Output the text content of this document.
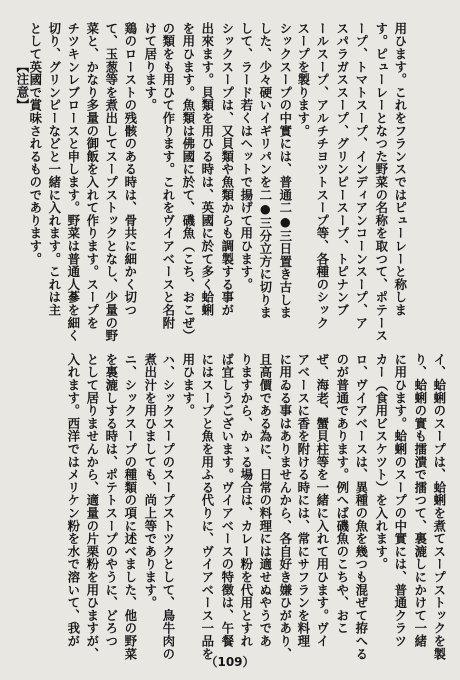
用ひます。これをフランスではピューレーと称しま
す。ピューレーとなつた野菜の名称を取つて、ポテース
ープ、トマトスープ、インディアンコーンスープ、ア
スパラガススープ、グリンピースープ、トピナンブ
ールスープ、アルチチヨツトスープ等、各種のシック
スープを製ります。
シックスープの中實には、普通二●三日置き古しま
した、少々硬いイギリパンを二●三分立方に切りま
して、ラード若くはヘットで揚げて用ひます。
シックスープは、又貝類や魚類からも調製する事が
出來ます。貝類を用ひる時は、英國に於て多く蛤蜊
を用ひます。魚類は佛國に於て、磯魚（こち、おこぜ）
の類をも用ひて作ります。これをヴイアベースと名附
けて居ります。
鶏のローストの残骸のある時は、骨共に細かく切つ
て、玉葱等を煮出してスープストックとなし、少量の野
菜と、かなり多量の御飯を入れて作ります。スープを
チツキンレブロースと申します。野菜は普通人蔘を細く
切り、グリンピーなどと一緒に入れます。これは主
として英國で賞味されるものであります。
【注意】
イ、蛤蜊のスープは、蛤蜊を煮てスープストックを製
り、蛤蜊の實も擂潰で擂つて、裏漉しにかけて一緒
に用ひます。蛤蜊のスープの中實には、普通クラツ
カー（食用ビスケツト）を入れます。
ロ、ヴイアベースは、異種の魚を幾つも混ぜて拵へる
のが普通であります。例へば磯魚のこちや、おこ
ぜ、海老、蟹貝柱等を一緒に入れて用ひます。ヴイ
アベースに香を附ける時には、常にサフランを料理
に用ゐる事はありませんから、各自好き嫌ひがあり、
且高價である為に、日常の料理には適せぬやうであ
りますから、かゝる場合は、カレー粉を代用とすれ
ば宜しうございます。ヴイアベースの特徴は、午餐
にはスープと魚を用ふる代りに、ヴイアベース一品を
用ひます。
ハ、シックスープのスープストツクとして、鳥牛肉の
煮出汁を用ひましても、尚上等であります。
ニ、シックスープの種類の項に述べました、他の野菜
を裏漉しする時は、ポテトスープのやうに、どろつ
として居りませんから、適量の片栗粉を用ひますが、
入れます。西洋ではメリケン粉を水で溶いて、我が
（109）
